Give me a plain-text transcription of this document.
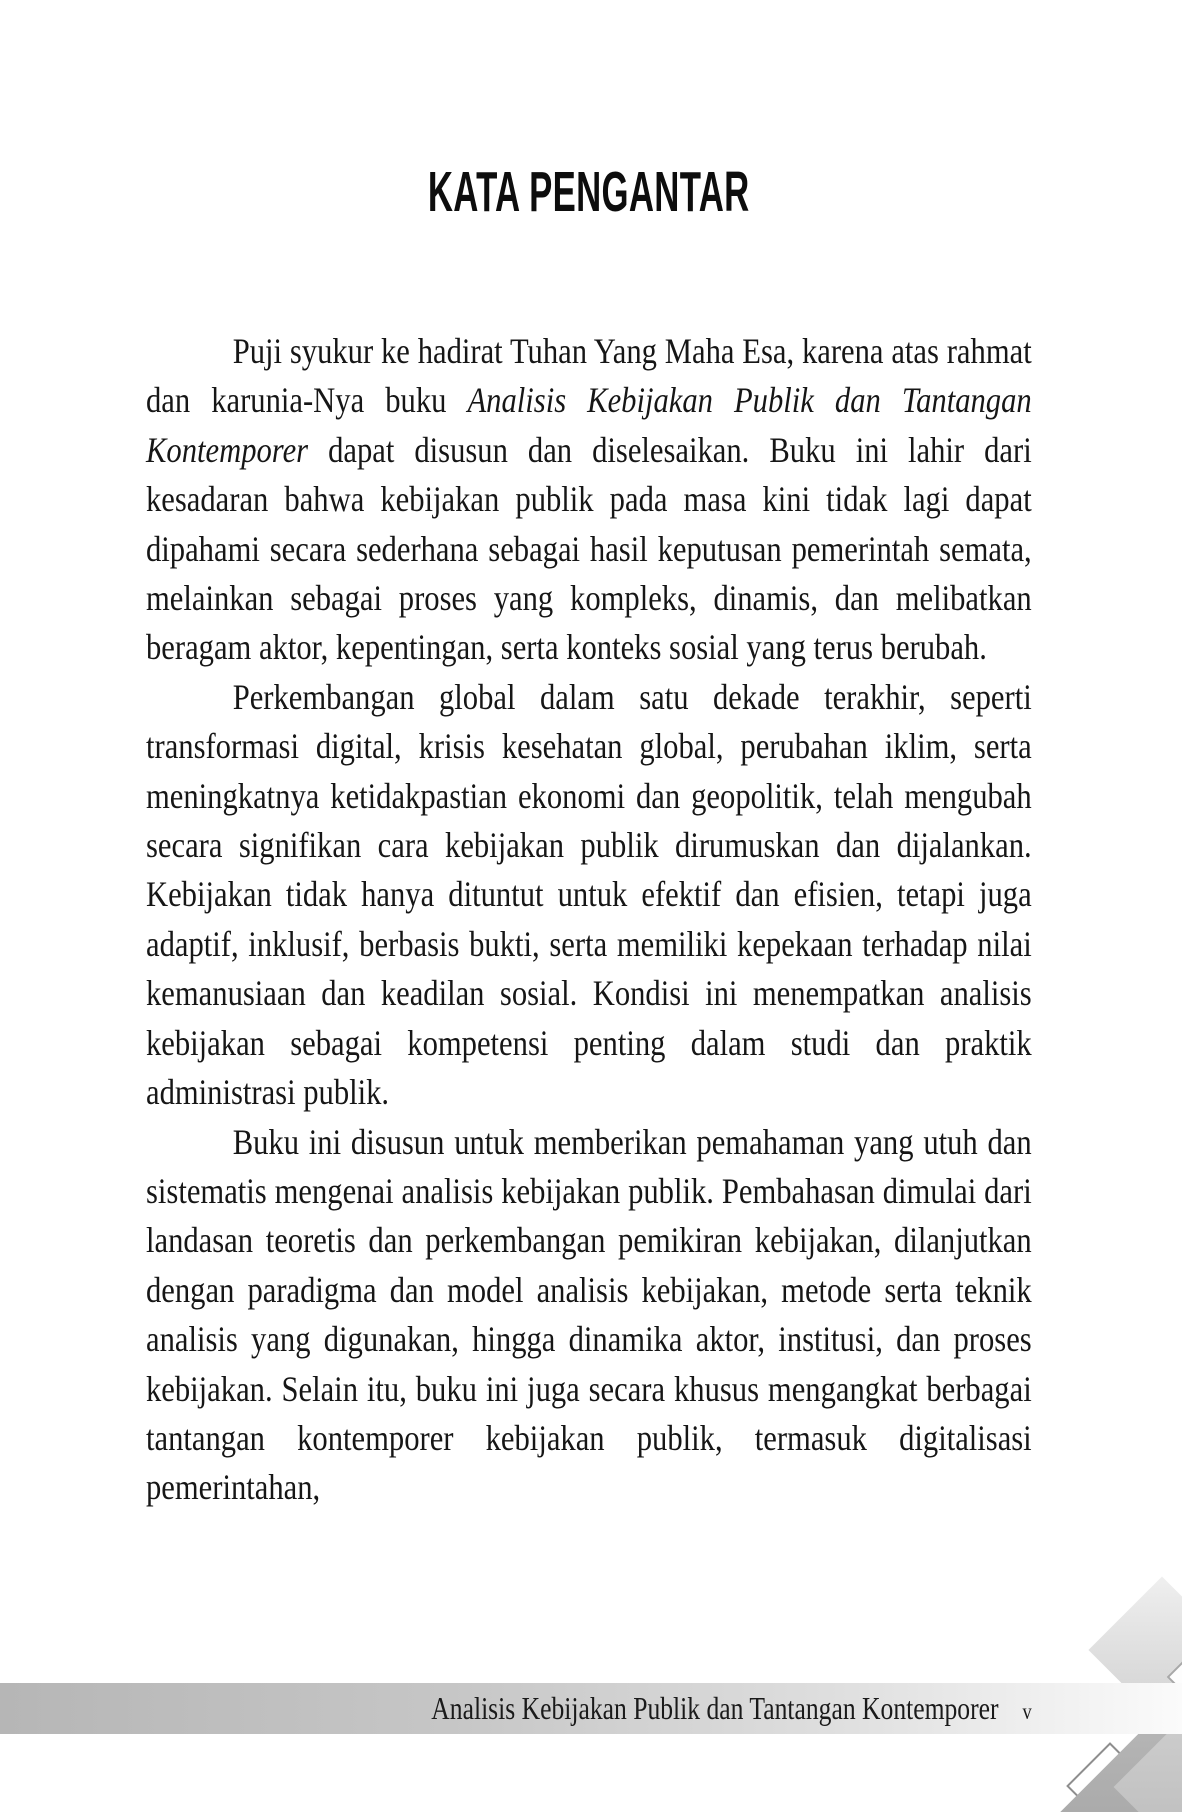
KATA PENGANTAR

Puji syukur ke hadirat Tuhan Yang Maha Esa, karena atas rahmat dan karunia-Nya buku Analisis Kebijakan Publik dan Tantangan Kontemporer dapat disusun dan diselesaikan. Buku ini lahir dari kesadaran bahwa kebijakan publik pada masa kini tidak lagi dapat dipahami secara sederhana sebagai hasil keputusan pemerintah semata, melainkan sebagai proses yang kompleks, dinamis, dan melibatkan beragam aktor, kepentingan, serta konteks sosial yang terus berubah.

Perkembangan global dalam satu dekade terakhir, seperti transformasi digital, krisis kesehatan global, perubahan iklim, serta meningkatnya ketidakpastian ekonomi dan geopolitik, telah mengubah secara signifikan cara kebijakan publik dirumuskan dan dijalankan. Kebijakan tidak hanya dituntut untuk efektif dan efisien, tetapi juga adaptif, inklusif, berbasis bukti, serta memiliki kepekaan terhadap nilai kemanusiaan dan keadilan sosial. Kondisi ini menempatkan analisis kebijakan sebagai kompetensi penting dalam studi dan praktik administrasi publik.

Buku ini disusun untuk memberikan pemahaman yang utuh dan sistematis mengenai analisis kebijakan publik. Pembahasan dimulai dari landasan teoretis dan perkembangan pemikiran kebijakan, dilanjutkan dengan paradigma dan model analisis kebijakan, metode serta teknik analisis yang digunakan, hingga dinamika aktor, institusi, dan proses kebijakan. Selain itu, buku ini juga secara khusus mengangkat berbagai tantangan kontemporer kebijakan publik, termasuk digitalisasi pemerintahan,

Analisis Kebijakan Publik dan Tantangan Kontemporer v
